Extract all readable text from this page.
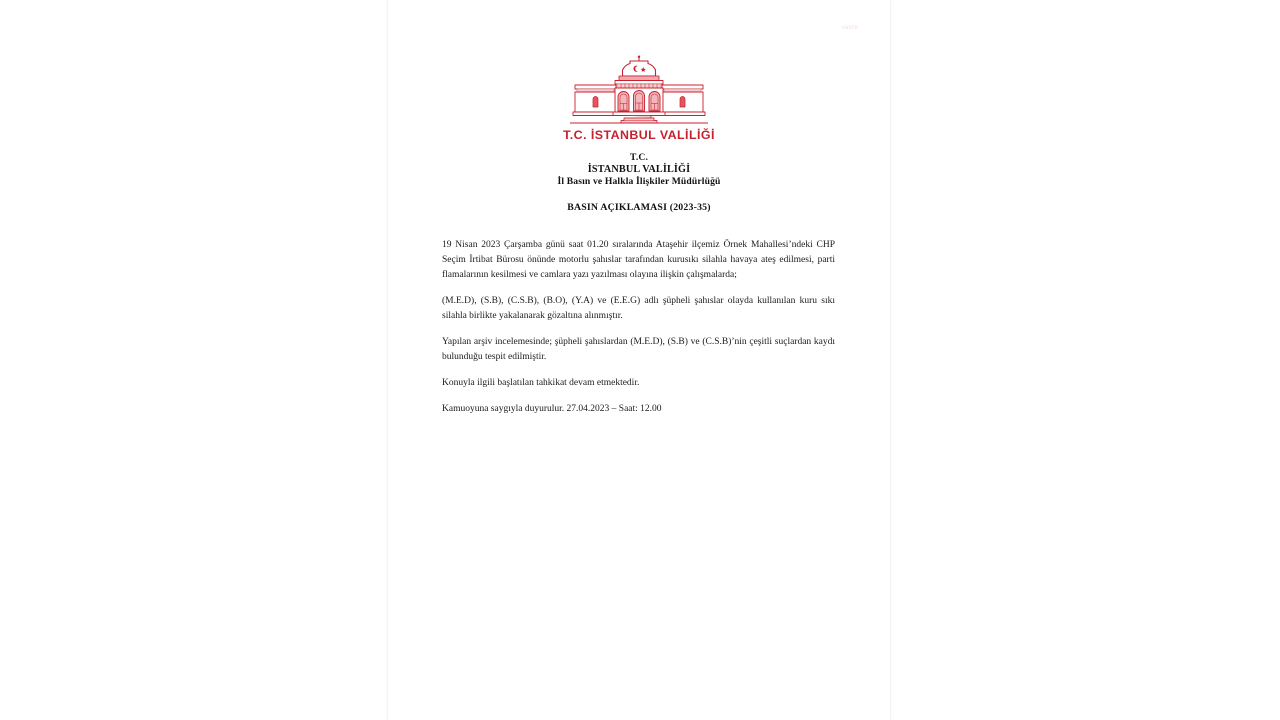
valilik
T.C. İSTANBUL VALİLİĞİ
T.C.
İSTANBUL VALİLİĞİ
İl Basın ve Halkla İlişkiler Müdürlüğü
BASIN AÇIKLAMASI (2023-35)

19 Nisan 2023 Çarşamba günü saat 01.20 sıralarında Ataşehir ilçemiz Örnek Mahallesi’ndeki CHP Seçim İrtibat Bürosu önünde motorlu şahıslar tarafından kurusıkı silahla havaya ateş edilmesi, parti flamalarının kesilmesi ve camlara yazı yazılması olayına ilişkin çalışmalarda;

(M.E.D), (S.B), (C.S.B), (B.O), (Y.A) ve (E.E.G) adlı şüpheli şahıslar olayda kullanılan kuru sıkı silahla birlikte yakalanarak gözaltına alınmıştır.

Yapılan arşiv incelemesinde; şüpheli şahıslardan (M.E.D), (S.B) ve (C.S.B)’nin çeşitli suçlardan kaydı bulunduğu tespit edilmiştir.

Konuyla ilgili başlatılan tahkikat devam etmektedir.

Kamuoyuna saygıyla duyurulur. 27.04.2023 – Saat: 12.00
